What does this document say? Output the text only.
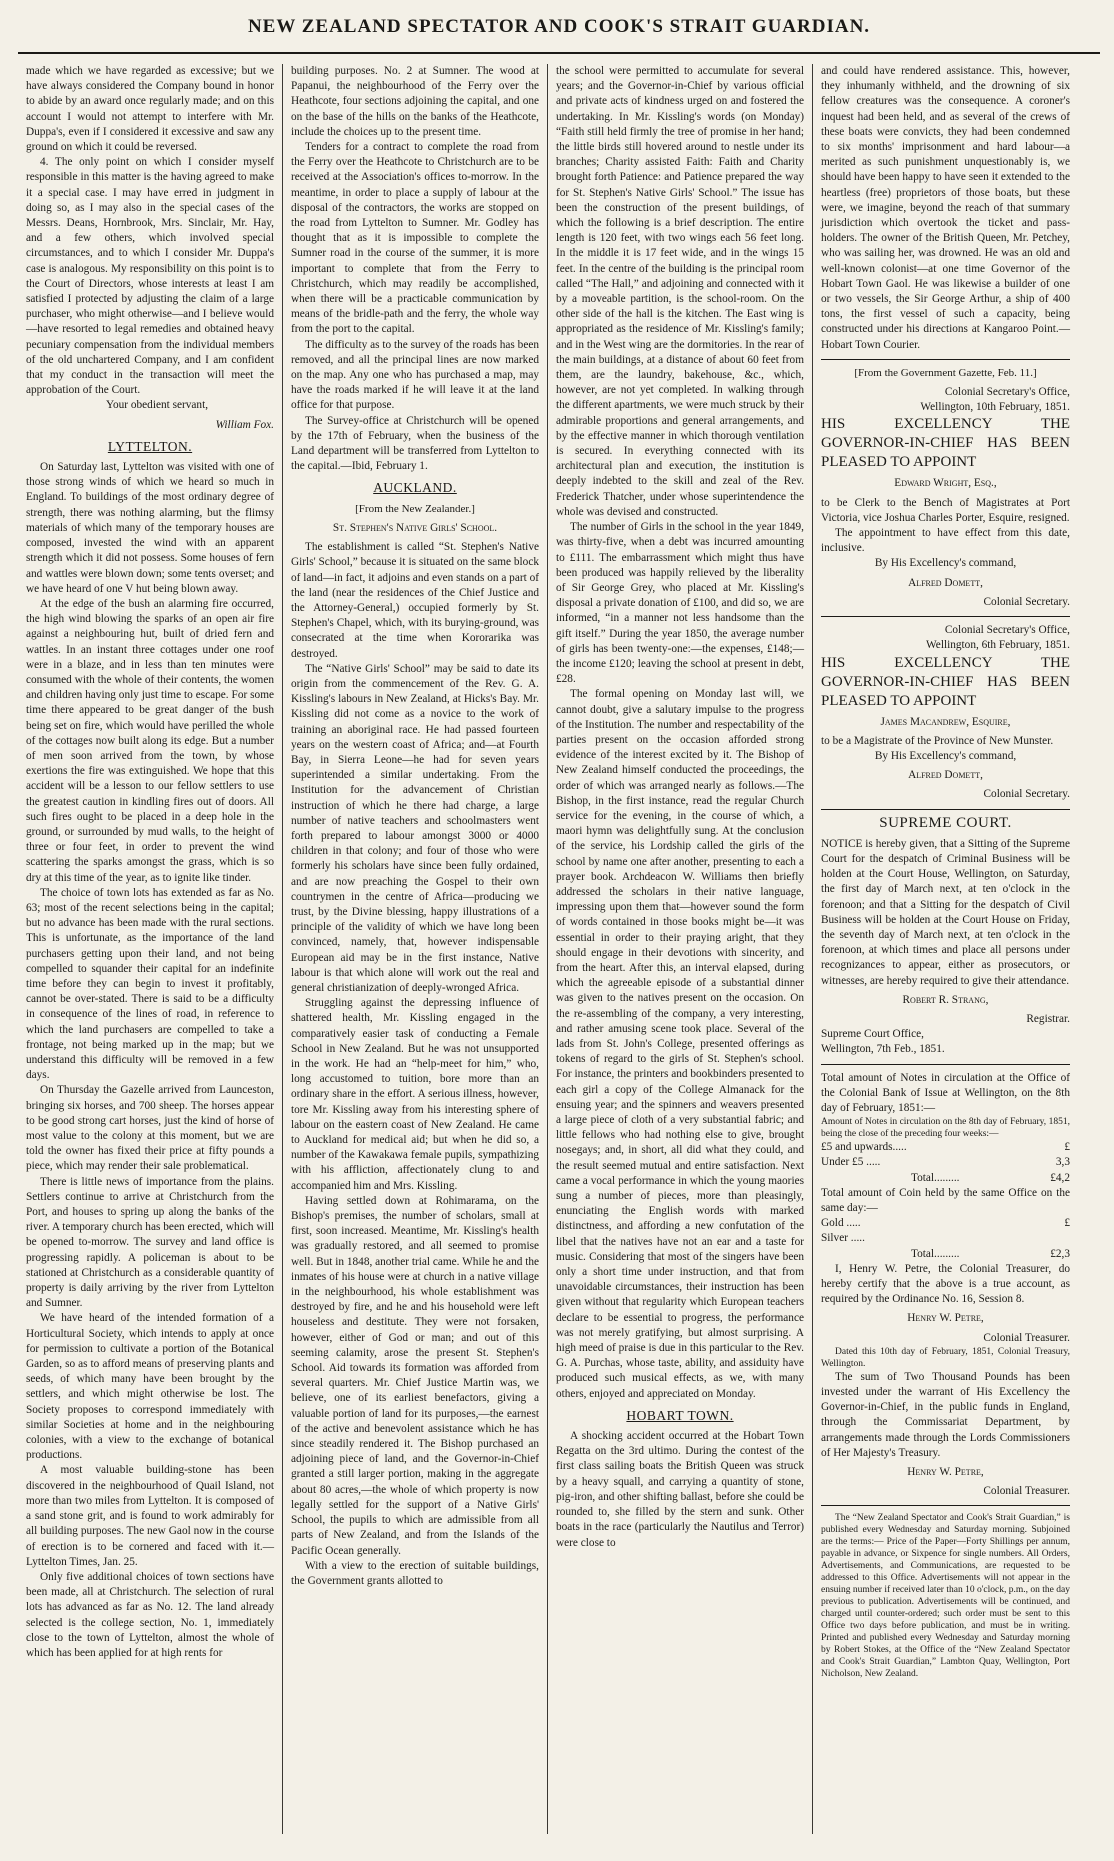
NEW ZEALAND SPECTATOR AND COOK'S STRAIT GUARDIAN.

made which we have regarded as excessive; but we have always considered the Company bound in honor to abide by an award once regularly made; and on this account I would not attempt to interfere with Mr. Duppa's, even if I considered it excessive and saw any ground on which it could be reversed.

4. The only point on which I consider myself responsible in this matter is the having agreed to make it a special case. I may have erred in judgment in doing so, as I may also in the special cases of the Messrs. Deans, Hornbrook, Mrs. Sinclair, Mr. Hay, and a few others, which involved special circumstances, and to which I consider Mr. Duppa's case is analogous. My responsibility on this point is to the Court of Directors, whose interests at least I am satisfied I protected by adjusting the claim of a large purchaser, who might otherwise—and I believe would—have resorted to legal remedies and obtained heavy pecuniary compensation from the individual members of the old unchartered Company, and I am confident that my conduct in the transaction will meet the approbation of the Court.

Your obedient servant,

William Fox.
LYTTELTON.

On Saturday last, Lyttelton was visited with one of those strong winds of which we heard so much in England. To buildings of the most ordinary degree of strength, there was nothing alarming, but the flimsy materials of which many of the temporary houses are composed, invested the wind with an apparent strength which it did not possess. Some houses of fern and wattles were blown down; some tents overset; and we have heard of one V hut being blown away.

At the edge of the bush an alarming fire occurred, the high wind blowing the sparks of an open air fire against a neighbouring hut, built of dried fern and wattles. In an instant three cottages under one roof were in a blaze, and in less than ten minutes were consumed with the whole of their contents, the women and children having only just time to escape. For some time there appeared to be great danger of the bush being set on fire, which would have perilled the whole of the cottages now built along its edge. But a number of men soon arrived from the town, by whose exertions the fire was extinguished. We hope that this accident will be a lesson to our fellow settlers to use the greatest caution in kindling fires out of doors. All such fires ought to be placed in a deep hole in the ground, or surrounded by mud walls, to the height of three or four feet, in order to prevent the wind scattering the sparks amongst the grass, which is so dry at this time of the year, as to ignite like tinder.

The choice of town lots has extended as far as No. 63; most of the recent selections being in the capital; but no advance has been made with the rural sections. This is unfortunate, as the importance of the land purchasers getting upon their land, and not being compelled to squander their capital for an indefinite time before they can begin to invest it profitably, cannot be over-stated. There is said to be a difficulty in consequence of the lines of road, in reference to which the land purchasers are compelled to take a frontage, not being marked up in the map; but we understand this difficulty will be removed in a few days.

On Thursday the Gazelle arrived from Launceston, bringing six horses, and 700 sheep. The horses appear to be good strong cart horses, just the kind of horse of most value to the colony at this moment, but we are told the owner has fixed their price at fifty pounds a piece, which may render their sale problematical.

There is little news of importance from the plains. Settlers continue to arrive at Christchurch from the Port, and houses to spring up along the banks of the river. A temporary church has been erected, which will be opened to-morrow. The survey and land office is progressing rapidly. A policeman is about to be stationed at Christchurch as a considerable quantity of property is daily arriving by the river from Lyttelton and Sumner.

We have heard of the intended formation of a Horticultural Society, which intends to apply at once for permission to cultivate a portion of the Botanical Garden, so as to afford means of preserving plants and seeds, of which many have been brought by the settlers, and which might otherwise be lost. The Society proposes to correspond immediately with similar Societies at home and in the neighbouring colonies, with a view to the exchange of botanical productions.

A most valuable building-stone has been discovered in the neighbourhood of Quail Island, not more than two miles from Lyttelton. It is composed of a sand stone grit, and is found to work admirably for all building purposes. The new Gaol now in the course of erection is to be cornered and faced with it.—Lyttelton Times, Jan. 25.

Only five additional choices of town sections have been made, all at Christchurch. The selection of rural lots has advanced as far as No. 12. The land already selected is the college section, No. 1, immediately close to the town of Lyttelton, almost the whole of which has been applied for at high rents for

building purposes. No. 2 at Sumner. The wood at Papanui, the neighbourhood of the Ferry over the Heathcote, four sections adjoining the capital, and one on the base of the hills on the banks of the Heathcote, include the choices up to the present time.

Tenders for a contract to complete the road from the Ferry over the Heathcote to Christchurch are to be received at the Association's offices to-morrow. In the meantime, in order to place a supply of labour at the disposal of the contractors, the works are stopped on the road from Lyttelton to Sumner. Mr. Godley has thought that as it is impossible to complete the Sumner road in the course of the summer, it is more important to complete that from the Ferry to Christchurch, which may readily be accomplished, when there will be a practicable communication by means of the bridle-path and the ferry, the whole way from the port to the capital.

The difficulty as to the survey of the roads has been removed, and all the principal lines are now marked on the map. Any one who has purchased a map, may have the roads marked if he will leave it at the land office for that purpose.

The Survey-office at Christchurch will be opened by the 17th of February, when the business of the Land department will be transferred from Lyttelton to the capital.—Ibid, February 1.

AUCKLAND.
[From the New Zealander.]
St. Stephen's Native Girls' School.

The establishment is called “St. Stephen's Native Girls' School,” because it is situated on the same block of land—in fact, it adjoins and even stands on a part of the land (near the residences of the Chief Justice and the Attorney-General,) occupied formerly by St. Stephen's Chapel, which, with its burying-ground, was consecrated at the time when Kororarika was destroyed.

The “Native Girls' School” may be said to date its origin from the commencement of the Rev. G. A. Kissling's labours in New Zealand, at Hicks's Bay. Mr. Kissling did not come as a novice to the work of training an aboriginal race. He had passed fourteen years on the western coast of Africa; and—at Fourth Bay, in Sierra Leone—he had for seven years superintended a similar undertaking. From the Institution for the advancement of Christian instruction of which he there had charge, a large number of native teachers and schoolmasters went forth prepared to labour amongst 3000 or 4000 children in that colony; and four of those who were formerly his scholars have since been fully ordained, and are now preaching the Gospel to their own countrymen in the centre of Africa—producing we trust, by the Divine blessing, happy illustrations of a principle of the validity of which we have long been convinced, namely, that, however indispensable European aid may be in the first instance, Native labour is that which alone will work out the real and general christianization of deeply-wronged Africa.

Struggling against the depressing influence of shattered health, Mr. Kissling engaged in the comparatively easier task of conducting a Female School in New Zealand. But he was not unsupported in the work. He had an “help-meet for him,” who, long accustomed to tuition, bore more than an ordinary share in the effort. A serious illness, however, tore Mr. Kissling away from his interesting sphere of labour on the eastern coast of New Zealand. He came to Auckland for medical aid; but when he did so, a number of the Kawakawa female pupils, sympathizing with his affliction, affectionately clung to and accompanied him and Mrs. Kissling.

Having settled down at Rohimarama, on the Bishop's premises, the number of scholars, small at first, soon increased. Meantime, Mr. Kissling's health was gradually restored, and all seemed to promise well. But in 1848, another trial came. While he and the inmates of his house were at church in a native village in the neighbourhood, his whole establishment was destroyed by fire, and he and his household were left houseless and destitute. They were not forsaken, however, either of God or man; and out of this seeming calamity, arose the present St. Stephen's School. Aid towards its formation was afforded from several quarters. Mr. Chief Justice Martin was, we believe, one of its earliest benefactors, giving a valuable portion of land for its purposes,—the earnest of the active and benevolent assistance which he has since steadily rendered it. The Bishop purchased an adjoining piece of land, and the Governor-in-Chief granted a still larger portion, making in the aggregate about 80 acres,—the whole of which property is now legally settled for the support of a Native Girls' School, the pupils to which are admissible from all parts of New Zealand, and from the Islands of the Pacific Ocean generally.

With a view to the erection of suitable buildings, the Government grants allotted to

the school were permitted to accumulate for several years; and the Governor-in-Chief by various official and private acts of kindness urged on and fostered the undertaking. In Mr. Kissling's words (on Monday) “Faith still held firmly the tree of promise in her hand; the little birds still hovered around to nestle under its branches; Charity assisted Faith: Faith and Charity brought forth Patience: and Patience prepared the way for St. Stephen's Native Girls' School.” The issue has been the construction of the present buildings, of which the following is a brief description. The entire length is 120 feet, with two wings each 56 feet long. In the middle it is 17 feet wide, and in the wings 15 feet. In the centre of the building is the principal room called “The Hall,” and adjoining and connected with it by a moveable partition, is the school-room. On the other side of the hall is the kitchen. The East wing is appropriated as the residence of Mr. Kissling's family; and in the West wing are the dormitories. In the rear of the main buildings, at a distance of about 60 feet from them, are the laundry, bakehouse, &c., which, however, are not yet completed. In walking through the different apartments, we were much struck by their admirable proportions and general arrangements, and by the effective manner in which thorough ventilation is secured. In everything connected with its architectural plan and execution, the institution is deeply indebted to the skill and zeal of the Rev. Frederick Thatcher, under whose superintendence the whole was devised and constructed.

The number of Girls in the school in the year 1849, was thirty-five, when a debt was incurred amounting to £111. The embarrassment which might thus have been produced was happily relieved by the liberality of Sir George Grey, who placed at Mr. Kissling's disposal a private donation of £100, and did so, we are informed, “in a manner not less handsome than the gift itself.” During the year 1850, the average number of girls has been twenty-one:—the expenses, £148;—the income £120; leaving the school at present in debt, £28.

The formal opening on Monday last will, we cannot doubt, give a salutary impulse to the progress of the Institution. The number and respectability of the parties present on the occasion afforded strong evidence of the interest excited by it. The Bishop of New Zealand himself conducted the proceedings, the order of which was arranged nearly as follows.—The Bishop, in the first instance, read the regular Church service for the evening, in the course of which, a maori hymn was delightfully sung. At the conclusion of the service, his Lordship called the girls of the school by name one after another, presenting to each a prayer book. Archdeacon W. Williams then briefly addressed the scholars in their native language, impressing upon them that—however sound the form of words contained in those books might be—it was essential in order to their praying aright, that they should engage in their devotions with sincerity, and from the heart. After this, an interval elapsed, during which the agreeable episode of a substantial dinner was given to the natives present on the occasion. On the re-assembling of the company, a very interesting, and rather amusing scene took place. Several of the lads from St. John's College, presented offerings as tokens of regard to the girls of St. Stephen's school. For instance, the printers and bookbinders presented to each girl a copy of the College Almanack for the ensuing year; and the spinners and weavers presented a large piece of cloth of a very substantial fabric; and little fellows who had nothing else to give, brought nosegays; and, in short, all did what they could, and the result seemed mutual and entire satisfaction. Next came a vocal performance in which the young maories sung a number of pieces, more than pleasingly, enunciating the English words with marked distinctness, and affording a new confutation of the libel that the natives have not an ear and a taste for music. Considering that most of the singers have been only a short time under instruction, and that from unavoidable circumstances, their instruction has been given without that regularity which European teachers declare to be essential to progress, the performance was not merely gratifying, but almost surprising. A high meed of praise is due in this particular to the Rev. G. A. Purchas, whose taste, ability, and assiduity have produced such musical effects, as we, with many others, enjoyed and appreciated on Monday.

HOBART TOWN.

A shocking accident occurred at the Hobart Town Regatta on the 3rd ultimo. During the contest of the first class sailing boats the British Queen was struck by a heavy squall, and carrying a quantity of stone, pig-iron, and other shifting ballast, before she could be rounded to, she filled by the stern and sunk. Other boats in the race (particularly the Nautilus and Terror) were close to

and could have rendered assistance. This, however, they inhumanly withheld, and the drowning of six fellow creatures was the consequence. A coroner's inquest had been held, and as several of the crews of these boats were convicts, they had been condemned to six months' imprisonment and hard labour—a merited as such punishment unquestionably is, we should have been happy to have seen it extended to the heartless (free) proprietors of those boats, but these were, we imagine, beyond the reach of that summary jurisdiction which overtook the ticket and pass-holders. The owner of the British Queen, Mr. Petchey, who was sailing her, was drowned. He was an old and well-known colonist—at one time Governor of the Hobart Town Gaol. He was likewise a builder of one or two vessels, the Sir George Arthur, a ship of 400 tons, the first vessel of such a capacity, being constructed under his directions at Kangaroo Point.—Hobart Town Courier.

[From the Government Gazette, Feb. 11.]
Colonial Secretary's Office,
Wellington, 10th February, 1851.
HIS EXCELLENCY THE GOVERNOR-IN-CHIEF HAS BEEN PLEASED TO APPOINT
Edward Wright, Esq.,

to be Clerk to the Bench of Magistrates at Port Victoria, vice Joshua Charles Porter, Esquire, resigned.

The appointment to have effect from this date, inclusive.

By His Excellency's command,
Alfred Domett,
Colonial Secretary.
Colonial Secretary's Office,
Wellington, 6th February, 1851.
HIS EXCELLENCY THE GOVERNOR-IN-CHIEF HAS BEEN PLEASED TO APPOINT
James Macandrew, Esquire,

to be a Magistrate of the Province of New Munster.

By His Excellency's command,
Alfred Domett,
Colonial Secretary.
SUPREME COURT.

NOTICE is hereby given, that a Sitting of the Supreme Court for the despatch of Criminal Business will be holden at the Court House, Wellington, on Saturday, the first day of March next, at ten o'clock in the forenoon; and that a Sitting for the despatch of Civil Business will be holden at the Court House on Friday, the seventh day of March next, at ten o'clock in the forenoon, at which times and place all persons under recognizances to appear, either as prosecutors, or witnesses, are hereby required to give their attendance.

Robert R. Strang,
Registrar.
Supreme Court Office,
Wellington, 7th Feb., 1851.

Total amount of Notes in circulation at the Office of the Colonial Bank of Issue at Wellington, on the 8th day of February, 1851:—

Amount of Notes in circulation on the 8th day of February, 1851, being the close of the preceding four weeks:—

£5 and upwards.....	£
Under £5 .....	3,3
Total.........	£4,2

Total amount of Coin held by the same Office on the same day:—

Gold .....	£
Silver .....
Total.........	£2,3

I, Henry W. Petre, the Colonial Treasurer, do hereby certify that the above is a true account, as required by the Ordinance No. 16, Session 8.

Henry W. Petre,
Colonial Treasurer.

Dated this 10th day of February, 1851, Colonial Treasury, Wellington.

The sum of Two Thousand Pounds has been invested under the warrant of His Excellency the Governor-in-Chief, in the public funds in England, through the Commissariat Department, by arrangements made through the Lords Commissioners of Her Majesty's Treasury.

Henry W. Petre,
Colonial Treasurer.

The “New Zealand Spectator and Cook's Strait Guardian,” is published every Wednesday and Saturday morning. Subjoined are the terms:— Price of the Paper—Forty Shillings per annum, payable in advance, or Sixpence for single numbers. All Orders, Advertisements, and Communications, are requested to be addressed to this Office. Advertisements will not appear in the ensuing number if received later than 10 o'clock, p.m., on the day previous to publication. Advertisements will be continued, and charged until counter-ordered; such order must be sent to this Office two days before publication, and must be in writing. Printed and published every Wednesday and Saturday morning by Robert Stokes, at the Office of the “New Zealand Spectator and Cook's Strait Guardian,” Lambton Quay, Wellington, Port Nicholson, New Zealand.
